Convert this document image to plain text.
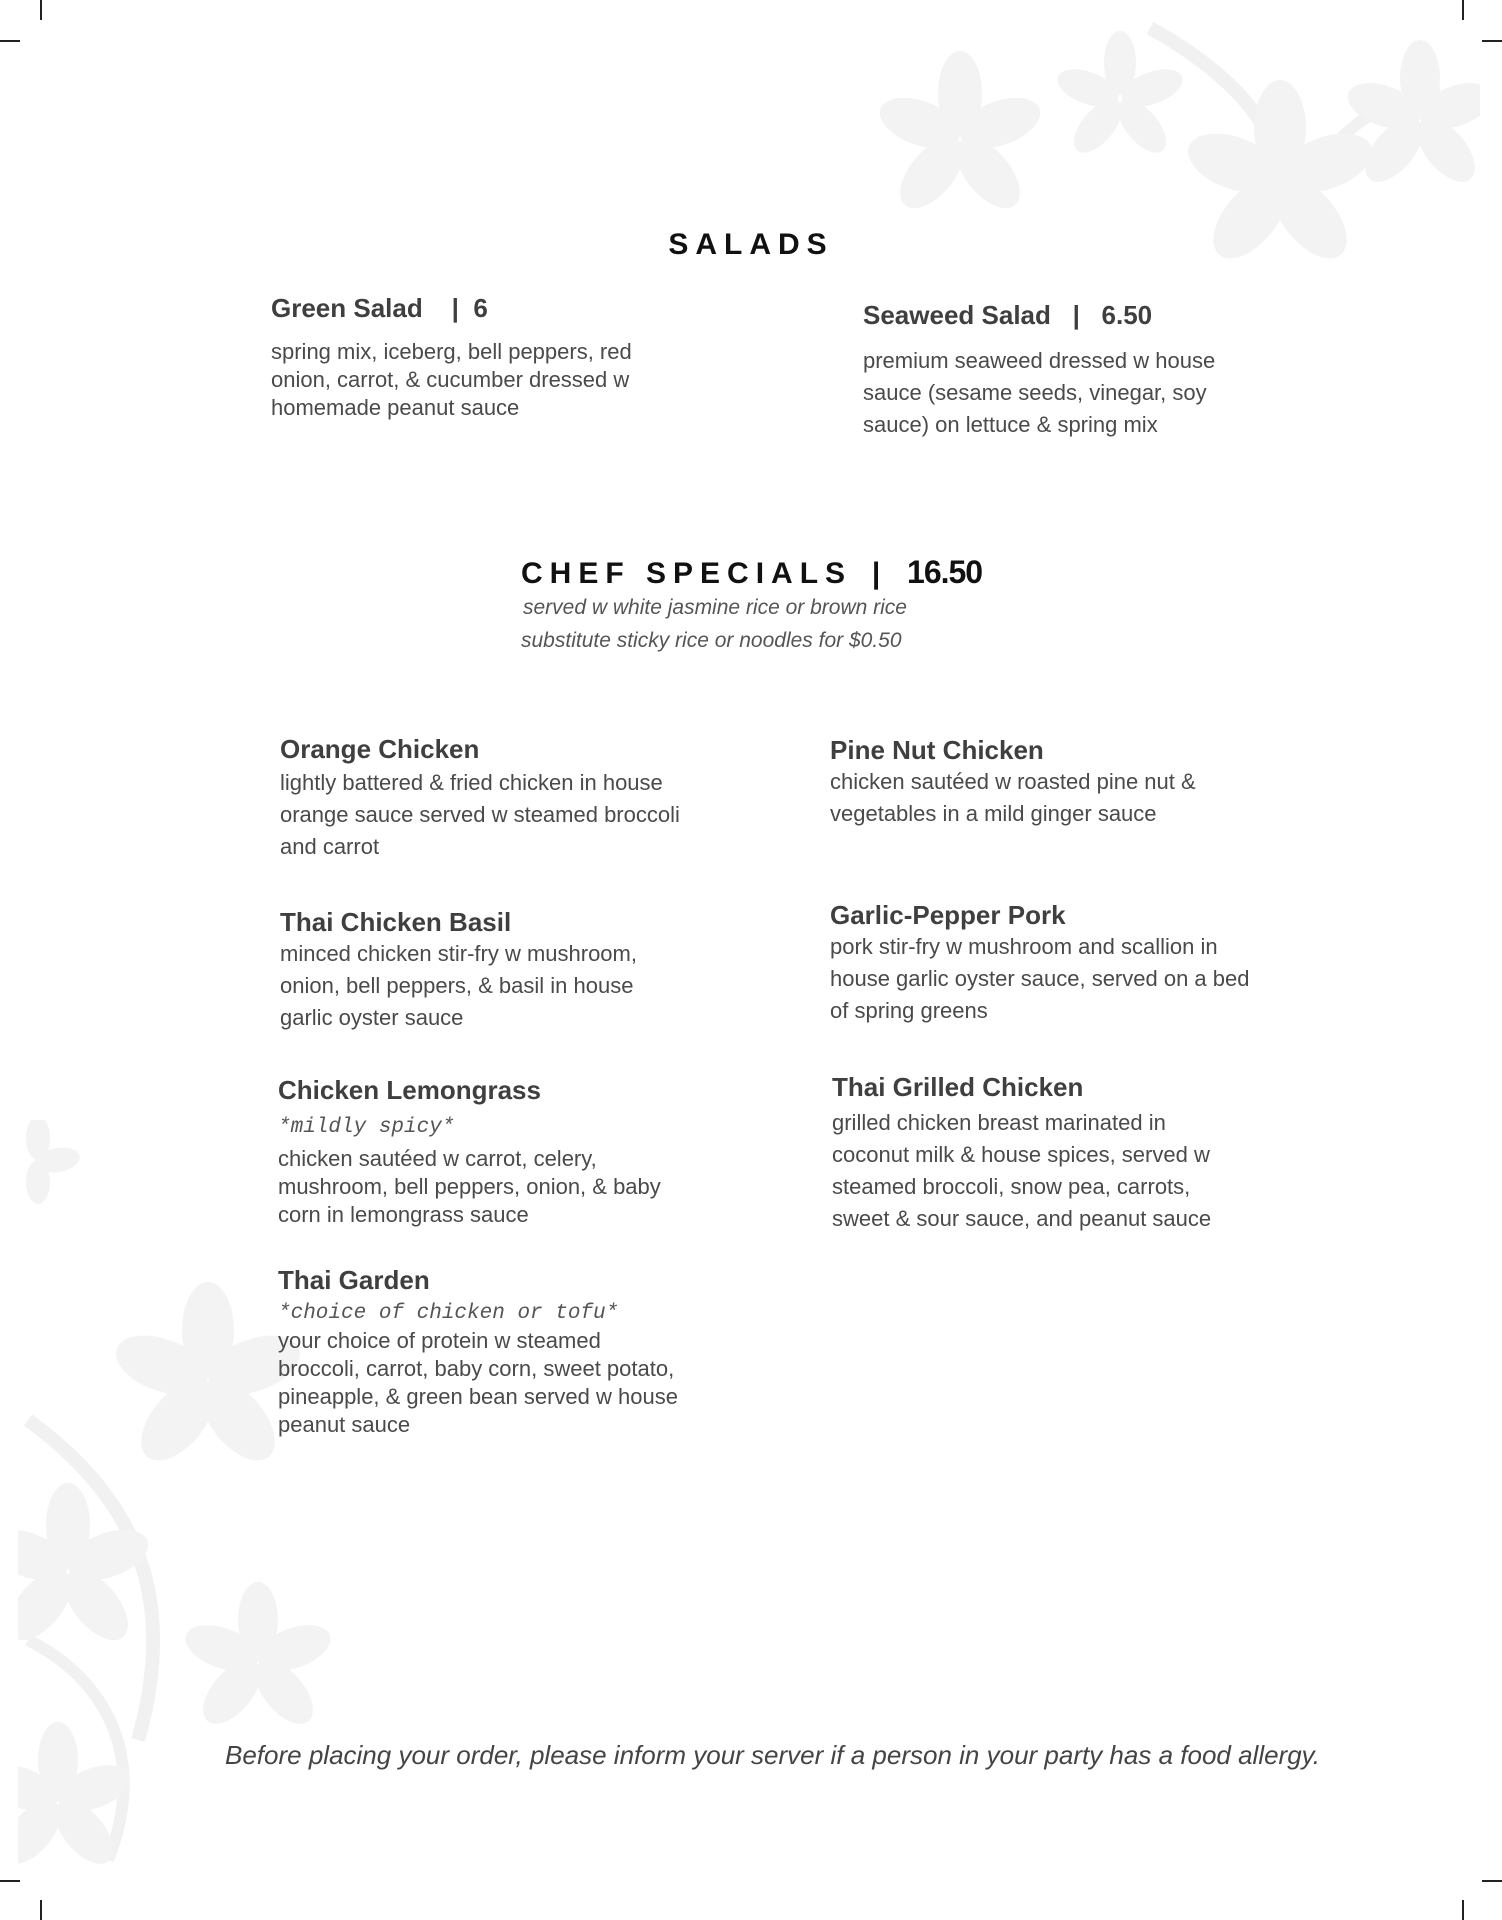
SALADS
Green Salad    |  6
spring mix, iceberg, bell peppers, red onion, carrot, & cucumber dressed w homemade peanut sauce
Seaweed Salad   |   6.50
premium seaweed dressed w house sauce (sesame seeds, vinegar, soy sauce) on lettuce & spring mix
CHEF SPECIALS  |  16.50
served w white jasmine rice or brown rice
substitute sticky rice or noodles for $0.50
Orange Chicken
lightly battered & fried chicken in house orange sauce served w steamed broccoli and carrot
Thai Chicken Basil
minced chicken stir-fry w mushroom, onion, bell peppers, & basil in house garlic oyster sauce
Chicken Lemongrass
*mildly spicy*
chicken sautéed w carrot, celery, mushroom, bell peppers, onion, & baby corn in lemongrass sauce
Thai Garden
*choice of chicken or tofu*
your choice of protein w steamed broccoli, carrot, baby corn, sweet potato, pineapple, & green bean served w house peanut sauce
Pine Nut Chicken
chicken sautéed w roasted pine nut & vegetables in a mild ginger sauce
Garlic-Pepper Pork
pork stir-fry w mushroom and scallion in house garlic oyster sauce, served on a bed of spring greens
Thai Grilled Chicken
grilled chicken breast marinated in coconut milk & house spices, served w steamed broccoli, snow pea, carrots, sweet & sour sauce, and peanut sauce
Before placing your order, please inform your server if a person in your party has a food allergy.
